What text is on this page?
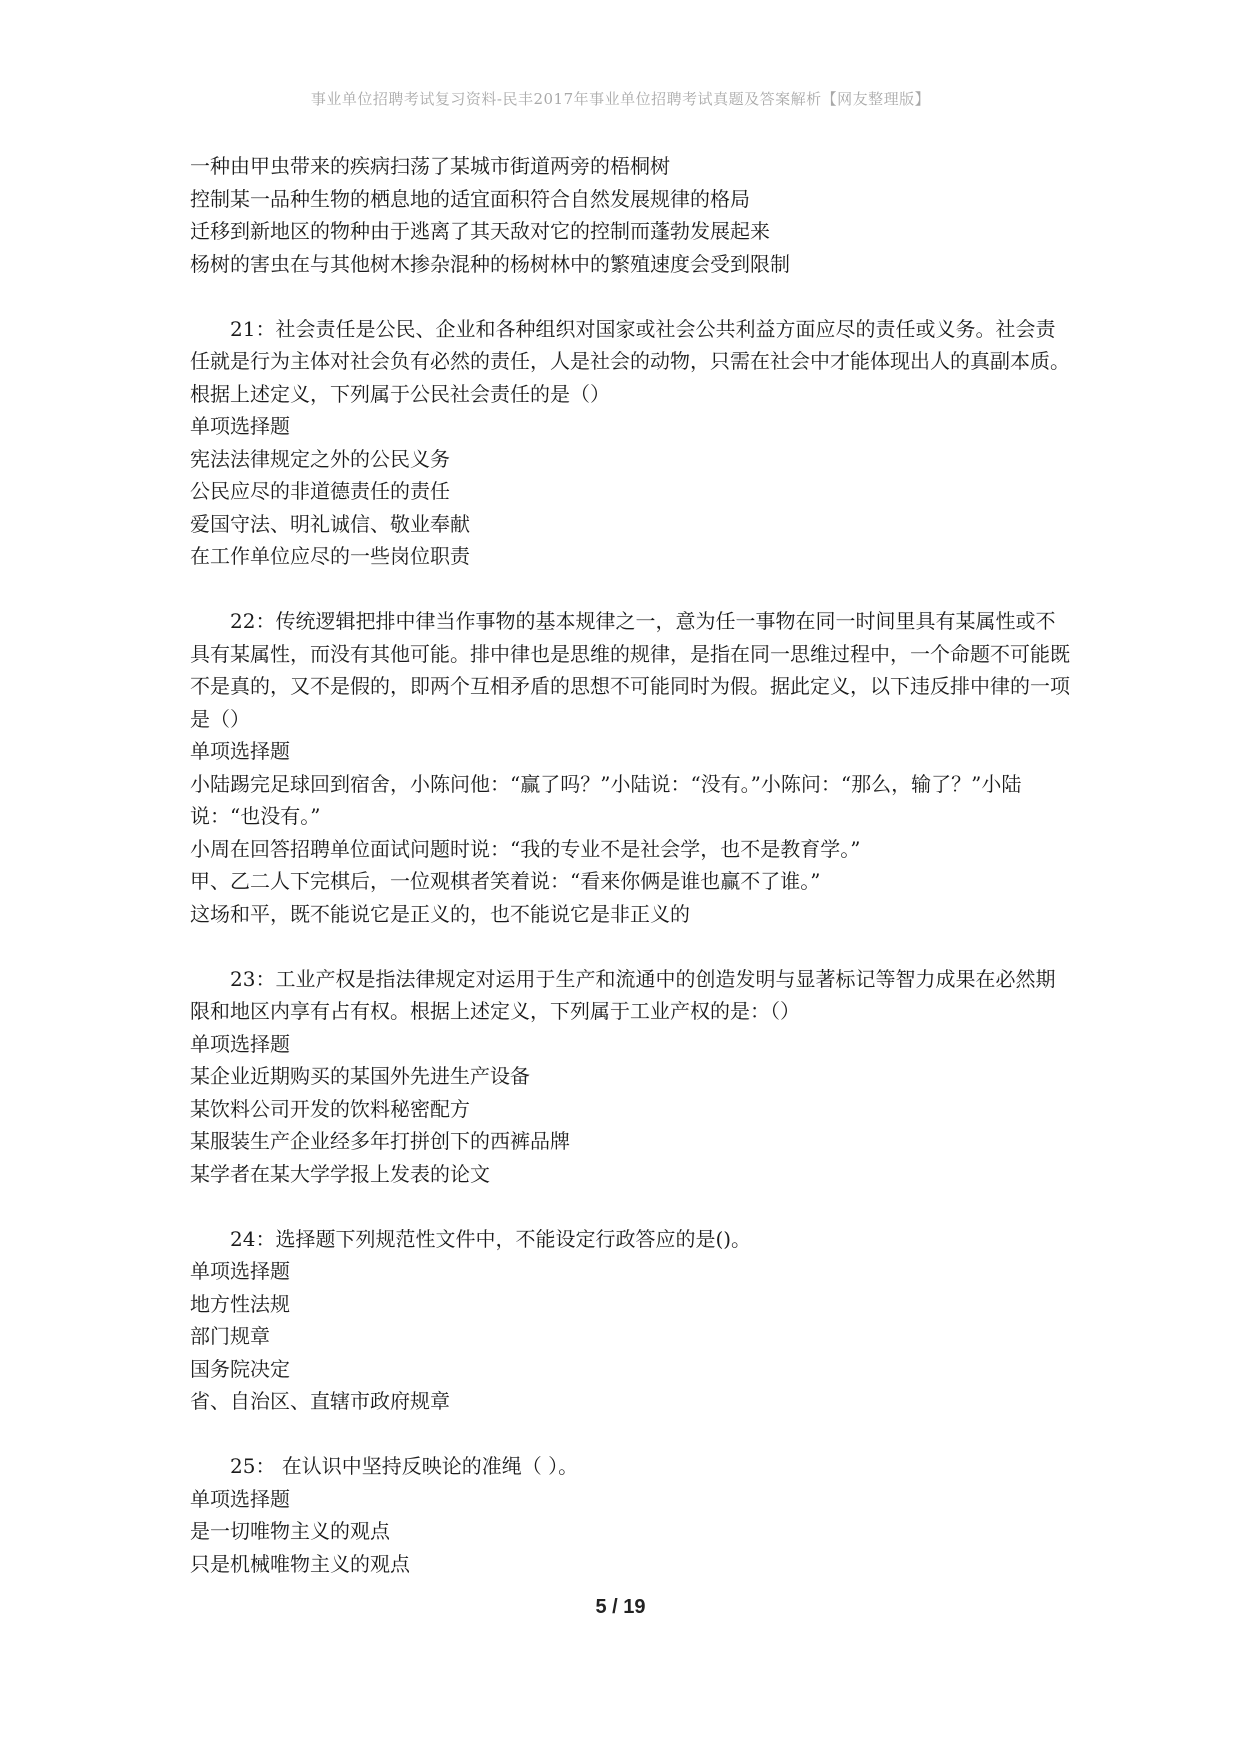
事业单位招聘考试复习资料-民丰2017年事业单位招聘考试真题及答案解析【网友整理版】

一种由甲虫带来的疾病扫荡了某城市街道两旁的梧桐树

控制某一品种生物的栖息地的适宜面积符合自然发展规律的格局

迁移到新地区的物种由于逃离了其天敌对它的控制而蓬勃发展起来

杨树的害虫在与其他树木掺杂混种的杨树林中的繁殖速度会受到限制

21：社会责任是公民、企业和各种组织对国家或社会公共利益方面应尽的责任或义务。社会责任就是行为主体对社会负有必然的责任，人是社会的动物，只需在社会中才能体现出人的真副本质。根据上述定义，下列属于公民社会责任的是（）

单项选择题

宪法法律规定之外的公民义务

公民应尽的非道德责任的责任

爱国守法、明礼诚信、敬业奉献

在工作单位应尽的一些岗位职责

22：传统逻辑把排中律当作事物的基本规律之一，意为任一事物在同一时间里具有某属性或不具有某属性，而没有其他可能。排中律也是思维的规律，是指在同一思维过程中，一个命题不可能既不是真的，又不是假的，即两个互相矛盾的思想不可能同时为假。据此定义，以下违反排中律的一项是（）

单项选择题

小陆踢完足球回到宿舍，小陈问他：“赢了吗？”小陆说：“没有。”小陈问：“那么，输了？”小陆说：“也没有。”

小周在回答招聘单位面试问题时说：“我的专业不是社会学，也不是教育学。”

甲、乙二人下完棋后，一位观棋者笑着说：“看来你俩是谁也赢不了谁。”

这场和平，既不能说它是正义的，也不能说它是非正义的

23：工业产权是指法律规定对运用于生产和流通中的创造发明与显著标记等智力成果在必然期限和地区内享有占有权。根据上述定义，下列属于工业产权的是：（）

单项选择题

某企业近期购买的某国外先进生产设备

某饮料公司开发的饮料秘密配方

某服装生产企业经多年打拼创下的西裤品牌

某学者在某大学学报上发表的论文

24：选择题下列规范性文件中，不能设定行政答应的是()。

单项选择题

地方性法规

部门规章

国务院决定

省、自治区、直辖市政府规章

25： 在认识中坚持反映论的准绳（ ）。

单项选择题

是一切唯物主义的观点

只是机械唯物主义的观点

5 / 19
